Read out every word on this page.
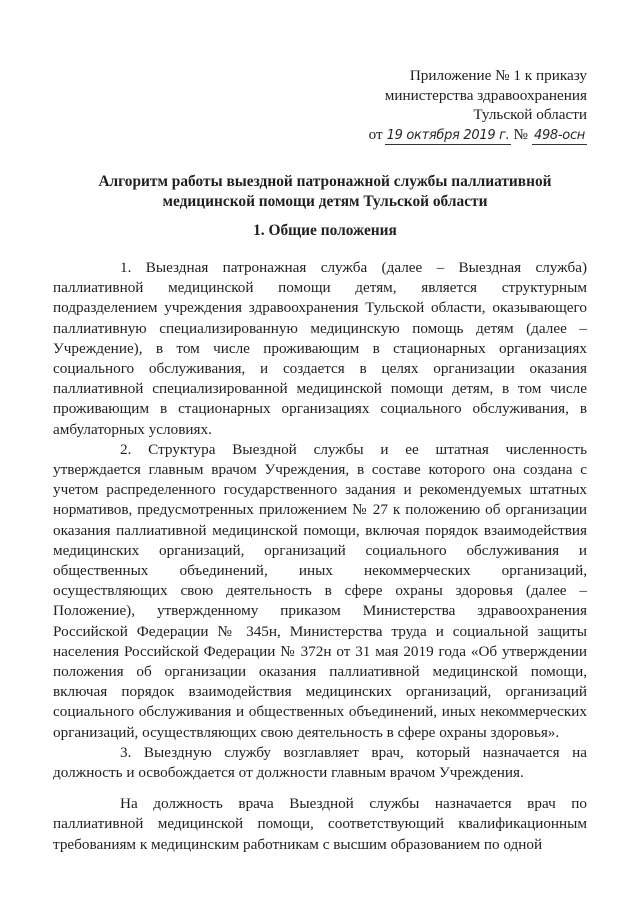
Приложение № 1 к приказу
министерства здравоохранения
Тульской области
от 19 октября 2019 г. № 498-осн
Алгоритм работы выездной патронажной службы паллиативной медицинской помощи детям Тульской области
1. Общие положения

1. Выездная патронажная служба (далее – Выездная служба) паллиативной медицинской помощи детям, является структурным подразделением учреждения здравоохранения Тульской области, оказывающего паллиативную специализированную медицинскую помощь детям (далее – Учреждение), в том числе проживающим в стационарных организациях социального обслуживания, и создается в целях организации оказания паллиативной специализированной медицинской помощи детям, в том числе проживающим в стационарных организациях социального обслуживания, в амбулаторных условиях.

2. Структура Выездной службы и ее штатная численность утверждается главным врачом Учреждения, в составе которого она создана с учетом распределенного государственного задания и рекомендуемых штатных нормативов, предусмотренных приложением № 27 к положению об организации оказания паллиативной медицинской помощи, включая порядок взаимодействия медицинских организаций, организаций социального обслуживания и общественных объединений, иных некоммерческих организаций, осуществляющих свою деятельность в сфере охраны здоровья (далее – Положение), утвержденному приказом Министерства здравоохранения Российской Федерации № 345н, Министерства труда и социальной защиты населения Российской Федерации № 372н от 31 мая 2019 года «Об утверждении положения об организации оказания паллиативной медицинской помощи, включая порядок взаимодействия медицинских организаций, организаций социального обслуживания и общественных объединений, иных некоммерческих организаций, осуществляющих свою деятельность в сфере охраны здоровья».

3. Выездную службу возглавляет врач, который назначается на должность и освобождается от должности главным врачом Учреждения.

На должность врача Выездной службы назначается врач по паллиативной медицинской помощи, соответствующий квалификационным требованиям к медицинским работникам с высшим образованием по одной
